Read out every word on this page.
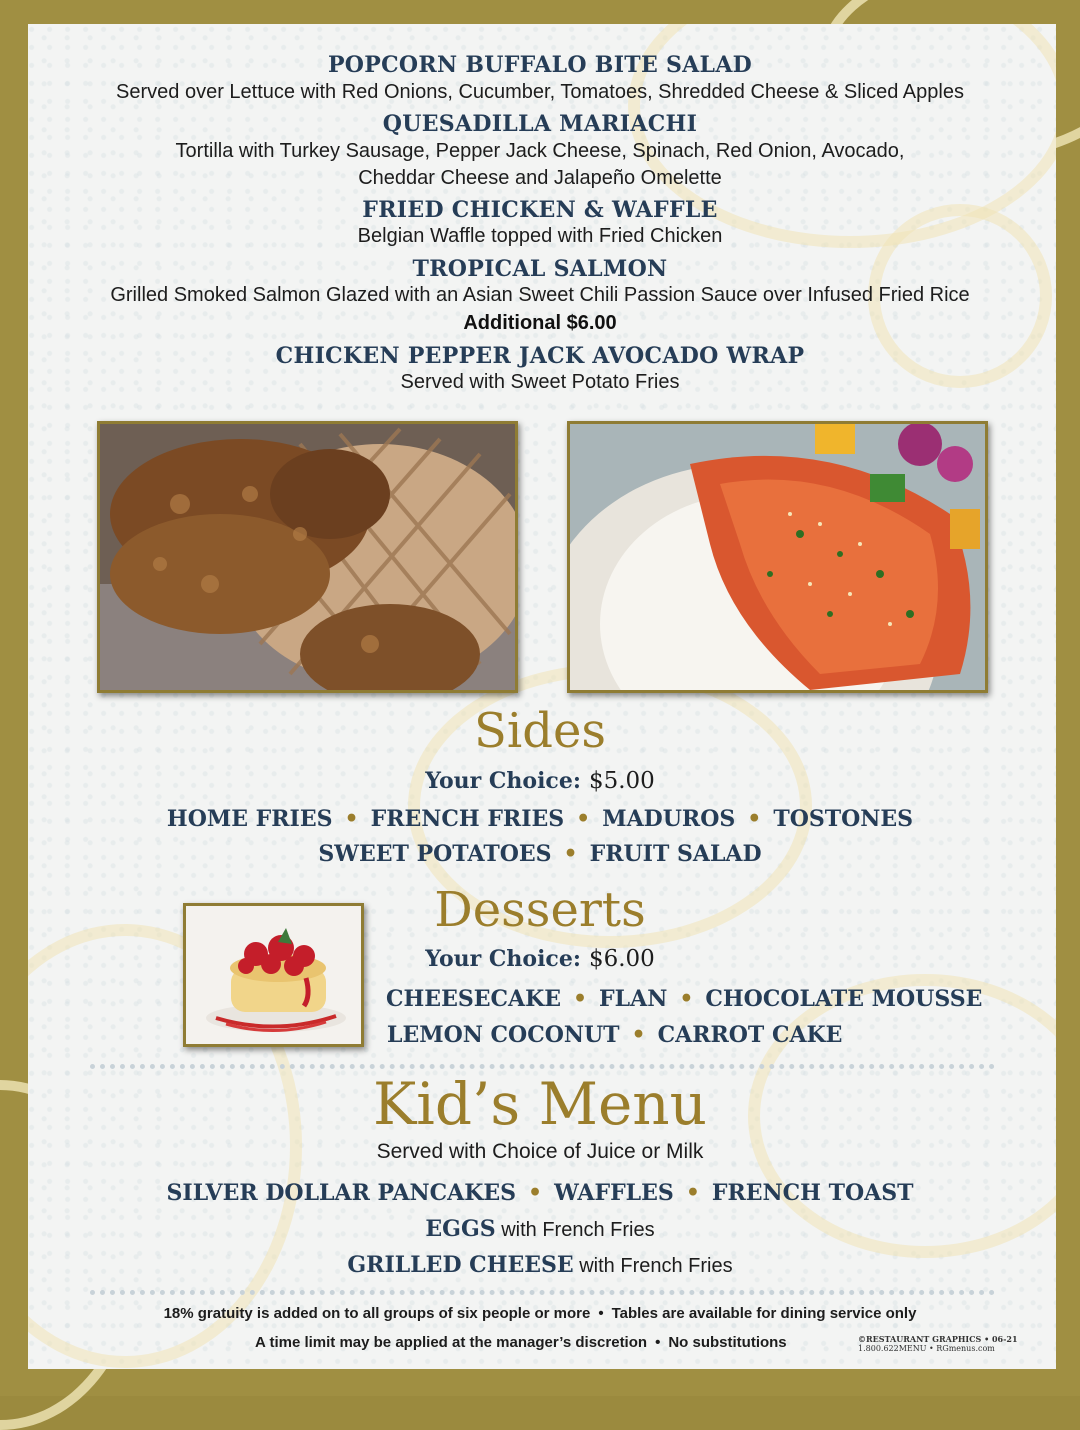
POPCORN BUFFALO BITE SALAD
Served over Lettuce with Red Onions, Cucumber, Tomatoes, Shredded Cheese & Sliced Apples
QUESADILLA MARIACHI
Tortilla with Turkey Sausage, Pepper Jack Cheese, Spinach, Red Onion, Avocado,
Cheddar Cheese and Jalapeño Omelette
FRIED CHICKEN & WAFFLE
Belgian Waffle topped with Fried Chicken
TROPICAL SALMON
Grilled Smoked Salmon Glazed with an Asian Sweet Chili Passion Sauce over Infused Fried Rice
Additional $6.00
CHICKEN PEPPER JACK AVOCADO WRAP
Served with Sweet Potato Fries
Sides
Your Choice: $5.00
HOME FRIES • FRENCH FRIES • MADUROS • TOSTONES
SWEET POTATOES • FRUIT SALAD
Desserts
Your Choice: $6.00
CHEESECAKE • FLAN • CHOCOLATE MOUSSE
LEMON COCONUT • CARROT CAKE
Kid’s Menu
Served with Choice of Juice or Milk
SILVER DOLLAR PANCAKES • WAFFLES • FRENCH TOAST
EGGS with French Fries
GRILLED CHEESE with French Fries
18% gratuity is added on to all groups of six people or more • Tables are available for dining service only
A time limit may be applied at the manager’s discretion • No substitutions	©RESTAURANT GRAPHICS • 06-21
1.800.622MENU • RGmenus.com
